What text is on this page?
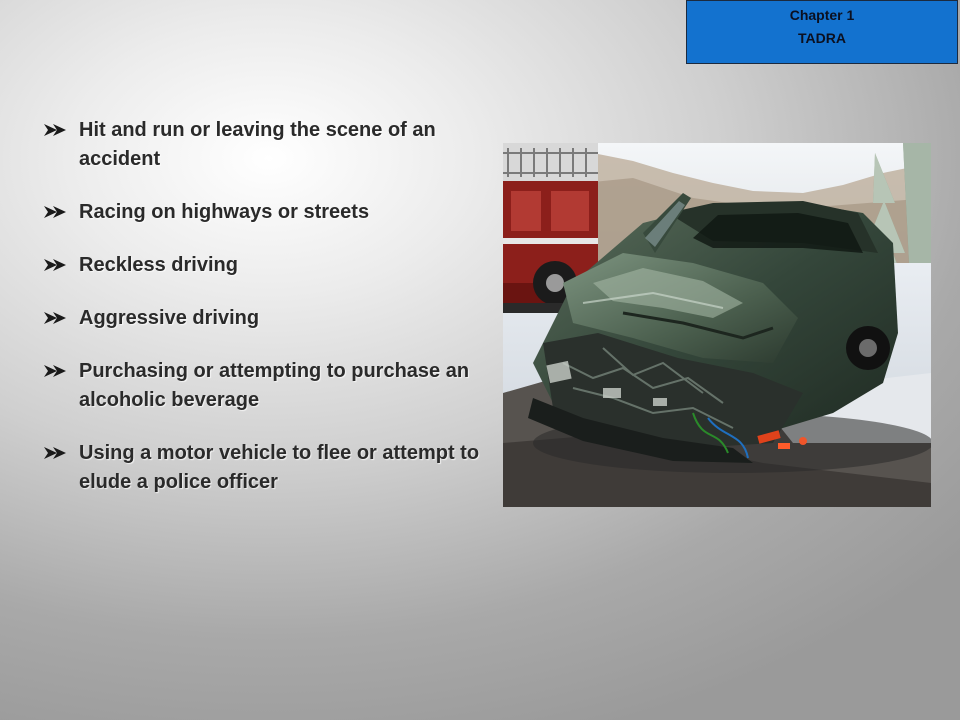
Chapter 1
TADRA
Hit and run or leaving the scene of an accident
Racing on highways or streets
Reckless driving
Aggressive driving
Purchasing or attempting to purchase an alcoholic beverage
Using a motor vehicle to flee or attempt to elude a police officer
